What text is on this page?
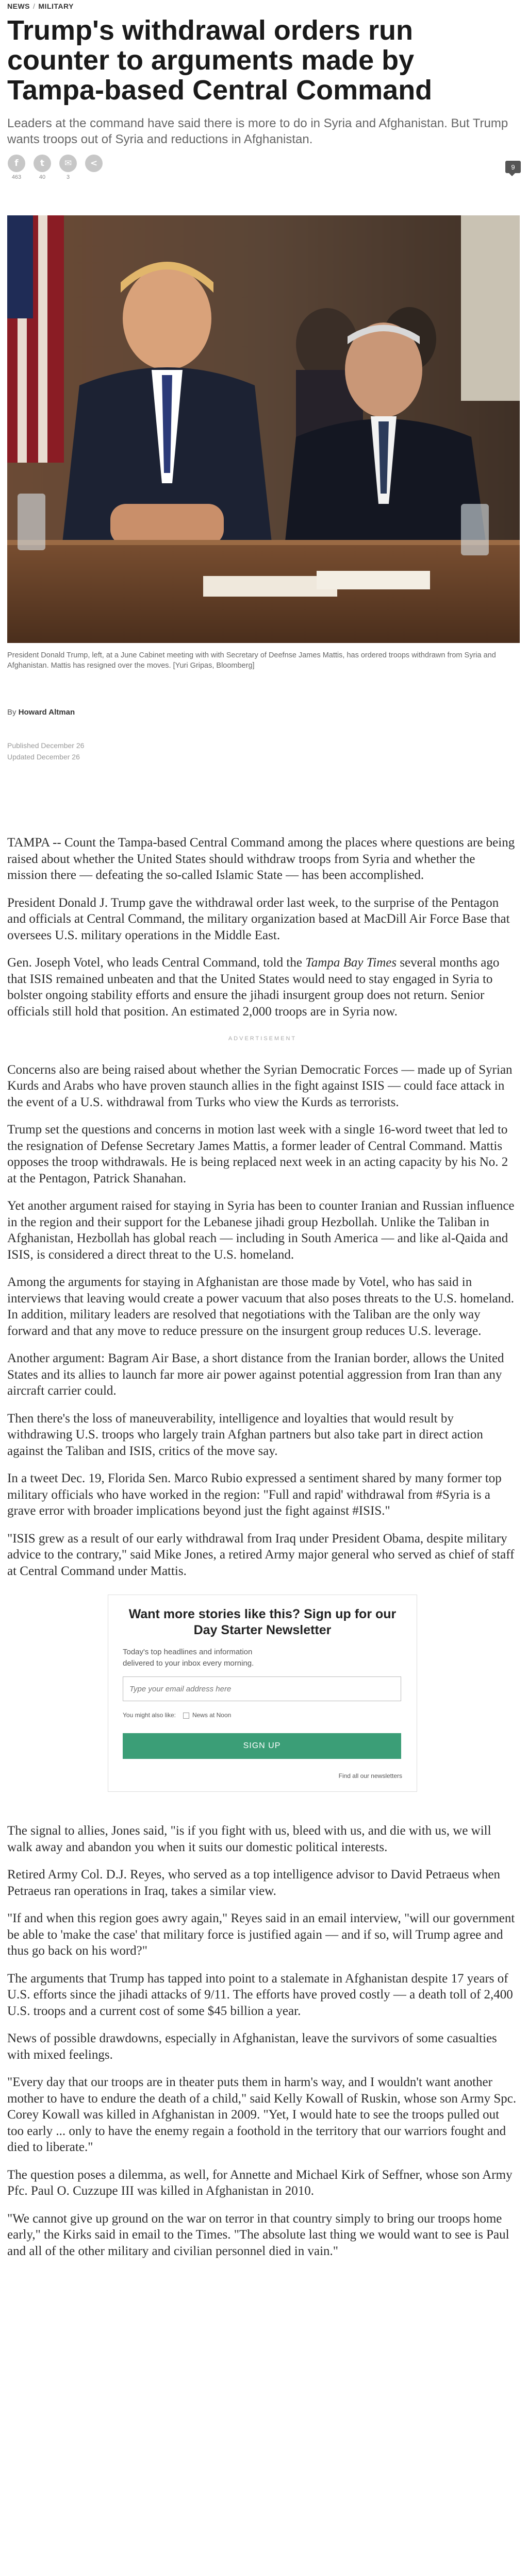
NEWS / MILITARY
Trump's withdrawal orders run counter to arguments made by Tampa-based Central Command

Leaders at the command have said there is more to do in Syria and Afghanistan. But Trump wants troops out of Syria and reductions in Afghanistan.

f
463
t
40
✉
3
<	9

President Donald Trump, left, at a June Cabinet meeting with with Secretary of Deefnse James Mattis, has ordered troops withdrawn from Syria and Afghanistan. Mattis has resigned over the moves. [Yuri Gripas, Bloomberg]

By Howard Altman
Published December 26
Updated December 26

TAMPA -- Count the Tampa-based Central Command among the places where questions are being raised about whether the United States should withdraw troops from Syria and whether the mission there — defeating the so-called Islamic State — has been accomplished.

President Donald J. Trump gave the withdrawal order last week, to the surprise of the Pentagon and officials at Central Command, the military organization based at MacDill Air Force Base that oversees U.S. military operations in the Middle East.

Gen. Joseph Votel, who leads Central Command, told the Tampa Bay Times several months ago that ISIS remained unbeaten and that the United States would need to stay engaged in Syria to bolster ongoing stability efforts and ensure the jihadi insurgent group does not return. Senior officials still hold that position. An estimated 2,000 troops are in Syria now.

ADVERTISEMENT

Concerns also are being raised about whether the Syrian Democratic Forces — made up of Syrian Kurds and Arabs who have proven staunch allies in the fight against ISIS — could face attack in the event of a U.S. withdrawal from Turks who view the Kurds as terrorists.

Trump set the questions and concerns in motion last week with a single 16-word tweet that led to the resignation of Defense Secretary James Mattis, a former leader of Central Command. Mattis opposes the troop withdrawals. He is being replaced next week in an acting capacity by his No. 2 at the Pentagon, Patrick Shanahan.

Yet another argument raised for staying in Syria has been to counter Iranian and Russian influence in the region and their support for the Lebanese jihadi group Hezbollah. Unlike the Taliban in Afghanistan, Hezbollah has global reach — including in South America — and like al-Qaida and ISIS, is considered a direct threat to the U.S. homeland.

Among the arguments for staying in Afghanistan are those made by Votel, who has said in interviews that leaving would create a power vacuum that also poses threats to the U.S. homeland. In addition, military leaders are resolved that negotiations with the Taliban are the only way forward and that any move to reduce pressure on the insurgent group reduces U.S. leverage.

Another argument: Bagram Air Base, a short distance from the Iranian border, allows the United States and its allies to launch far more air power against potential aggression from Iran than any aircraft carrier could.

Then there's the loss of maneuverability, intelligence and loyalties that would result by withdrawing U.S. troops who largely train Afghan partners but also take part in direct action against the Taliban and ISIS, critics of the move say.

In a tweet Dec. 19, Florida Sen. Marco Rubio expressed a sentiment shared by many former top military officials who have worked in the region: "Full and rapid' withdrawal from #Syria is a grave error with broader implications beyond just the fight against #ISIS."

"ISIS grew as a result of our early withdrawal from Iraq under President Obama, despite military advice to the contrary," said Mike Jones, a retired Army major general who served as chief of staff at Central Command under Mattis.

Want more stories like this? Sign up for our Day Starter Newsletter
Today's top headlines and information delivered to your inbox every morning.
Type your email address here
You might also like:	News at Noon
SIGN UP
Find all our newsletters

The signal to allies, Jones said, "is if you fight with us, bleed with us, and die with us, we will walk away and abandon you when it suits our domestic political interests.

Retired Army Col. D.J. Reyes, who served as a top intelligence advisor to David Petraeus when Petraeus ran operations in Iraq, takes a similar view.

"If and when this region goes awry again," Reyes said in an email interview, "will our government be able to 'make the case' that military force is justified again — and if so, will Trump agree and thus go back on his word?"

The arguments that Trump has tapped into point to a stalemate in Afghanistan despite 17 years of U.S. efforts since the jihadi attacks of 9/11. The efforts have proved costly — a death toll of 2,400 U.S. troops and a current cost of some $45 billion a year.

News of possible drawdowns, especially in Afghanistan, leave the survivors of some casualties with mixed feelings.

"Every day that our troops are in theater puts them in harm's way, and I wouldn't want another mother to have to endure the death of a child," said Kelly Kowall of Ruskin, whose son Army Spc. Corey Kowall was killed in Afghanistan in 2009. "Yet, I would hate to see the troops pulled out too early ... only to have the enemy regain a foothold in the territory that our warriors fought and died to liberate."

The question poses a dilemma, as well, for Annette and Michael Kirk of Seffner, whose son Army Pfc. Paul O. Cuzzupe III was killed in Afghanistan in 2010.

"We cannot give up ground on the war on terror in that country simply to bring our troops home early," the Kirks said in email to the Times. "The absolute last thing we would want to see is Paul and all of the other military and civilian personnel died in vain."
